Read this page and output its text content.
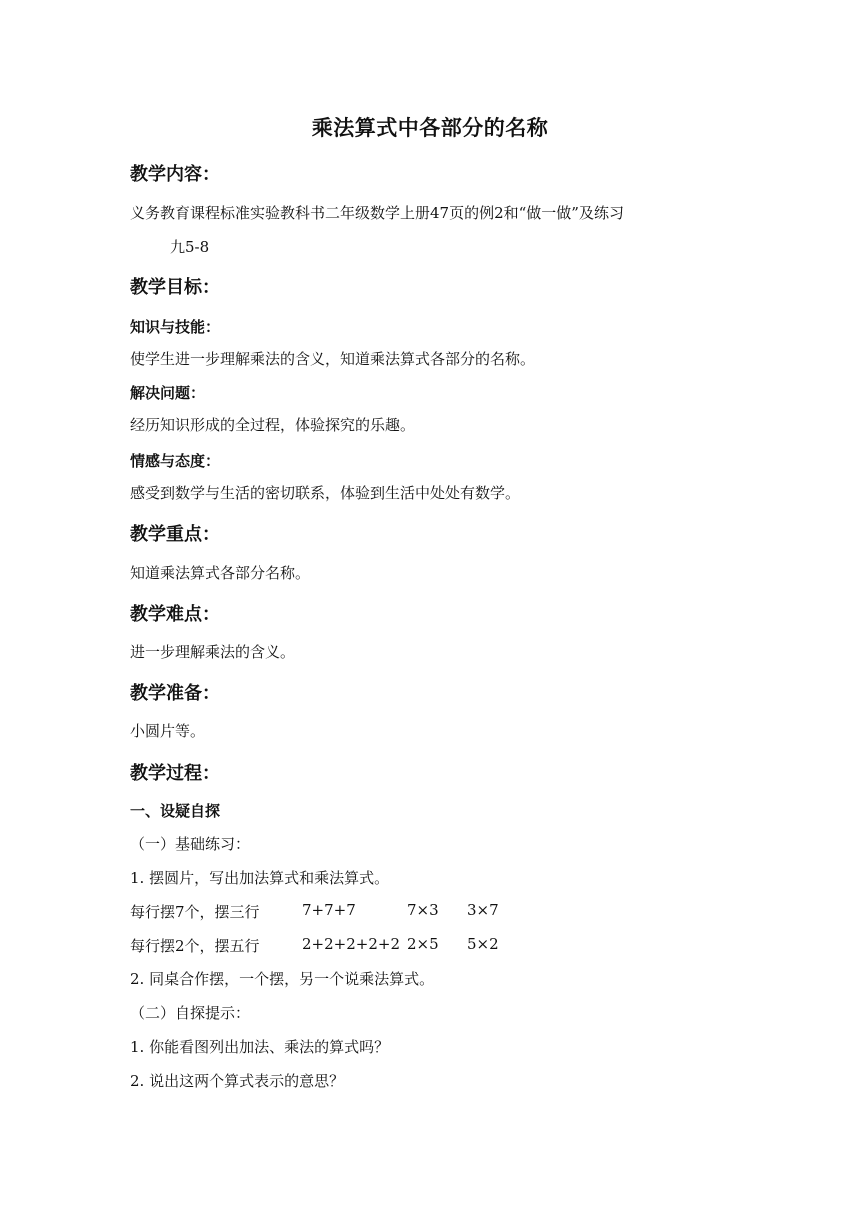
乘法算式中各部分的名称
教学内容：
义务教育课程标准实验教科书二年级数学上册47页的例2和“做一做”及练习
九5-8
教学目标：
知识与技能：
使学生进一步理解乘法的含义，知道乘法算式各部分的名称。
解决问题：
经历知识形成的全过程，体验探究的乐趣。
情感与态度：
感受到数学与生活的密切联系，体验到生活中处处有数学。
教学重点：
知道乘法算式各部分名称。
教学难点：
进一步理解乘法的含义。
教学准备：
小圆片等。
教学过程：
一、设疑自探
（一）基础练习：
1. 摆圆片，写出加法算式和乘法算式。
每行摆7个，摆三行	7+7+7	7×3 3×7
每行摆2个，摆五行	2+2+2+2+2 2×5 5×2
2. 同桌合作摆，一个摆，另一个说乘法算式。
（二）自探提示：
1. 你能看图列出加法、乘法的算式吗？
2. 说出这两个算式表示的意思？
